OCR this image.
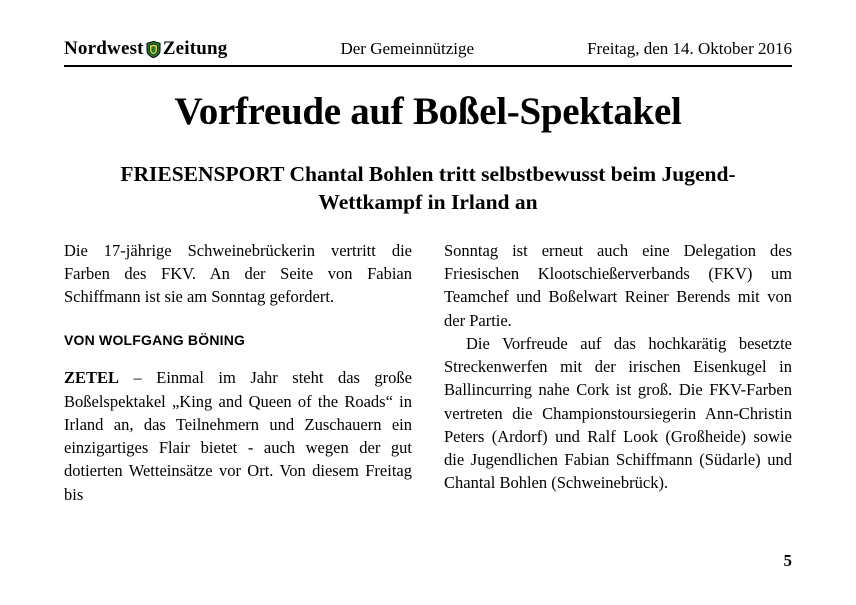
Nordwest Zeitung	Der Gemeinnützige	Freitag, den 14. Oktober 2016
Vorfreude auf Boßel-Spektakel
FRIESENSPORT Chantal Bohlen tritt selbstbewusst beim Jugend-Wettkampf in Irland an

Die 17-jährige Schweinebrückerin vertritt die Farben des FKV. An der Seite von Fabian Schiffmann ist sie am Sonntag gefordert.

VON WOLFGANG BÖNING

ZETEL – Einmal im Jahr steht das große Boßelspektakel „King and Queen of the Roads“ in Irland an, das Teilnehmern und Zuschauern ein einzigartiges Flair bietet - auch wegen der gut dotierten Wetteinsätze vor Ort. Von diesem Freitag bis

Sonntag ist erneut auch eine Delegation des Friesischen Klootschießerverbands (FKV) um Teamchef und Boßelwart Reiner Berends mit von der Partie.

Die Vorfreude auf das hochkarätig besetzte Streckenwerfen mit der irischen Eisenkugel in Ballincurring nahe Cork ist groß. Die FKV-Farben vertreten die Championstoursiegerin Ann-Christin Peters (Ardorf) und Ralf Look (Großheide) sowie die Jugendlichen Fabian Schiffmann (Südarle) und Chantal Bohlen (Schweinebrück).

5
